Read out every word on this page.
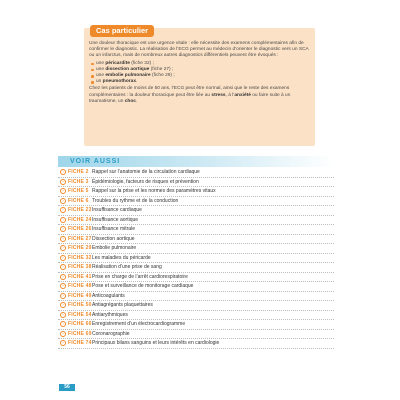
Cas particulier

Une douleur thoracique est une urgence vitale : elle nécessite des examens complémentaires afin de confirmer le diagnostic. La réalisation de l’ECG permet au médecin d’orienter le diagnostic vers un SCA ou un infarctus, mais de nombreux autres diagnostics différentiels peuvent être évoqués :

une péricardite (fiche 32) ;
une dissection aortique (fiche 27) ;
une embolie pulmonaire (fiche 29) ;
un pneumothorax.

Chez les patients de moins de 50 ans, l’ECG peut être normal, ainsi que le reste des examens complémentaires : la douleur thoracique peut être liée au stress, à l’anxiété ou faire suite à un traumatisme, un choc.

VOIR AUSSI
› FICHE 2 Rappel sur l’anatomie de la circulation cardiaque
› FICHE 3 Épidémiologie, facteurs de risques et prévention
› FICHE 5 Rappel sur la prise et les normes des paramètres vitaux
› FICHE 6 Troubles du rythme et de la conduction
› FICHE 23 Insuffisance cardiaque
› FICHE 24 Insuffisance aortique
› FICHE 26 Insuffisance mitrale
› FICHE 27 Dissection aortique
› FICHE 29 Embolie pulmonaire
› FICHE 32 Les maladies du péricarde
› FICHE 38 Réalisation d’une prise de sang
› FICHE 41 Prise en charge de l’arrêt cardiorespiratoire
› FICHE 48 Pose et surveillance de monitorage cardiaque
› FICHE 49 Anticoagulants
› FICHE 50 Antiagrégants plaquettaires
› FICHE 54 Antiarythmiques
› FICHE 66 Enregistrement d’un électrocardiogramme
› FICHE 69 Coronarographie
› FICHE 74 Principaux bilans sanguins et leurs intérêts en cardiologie
56
